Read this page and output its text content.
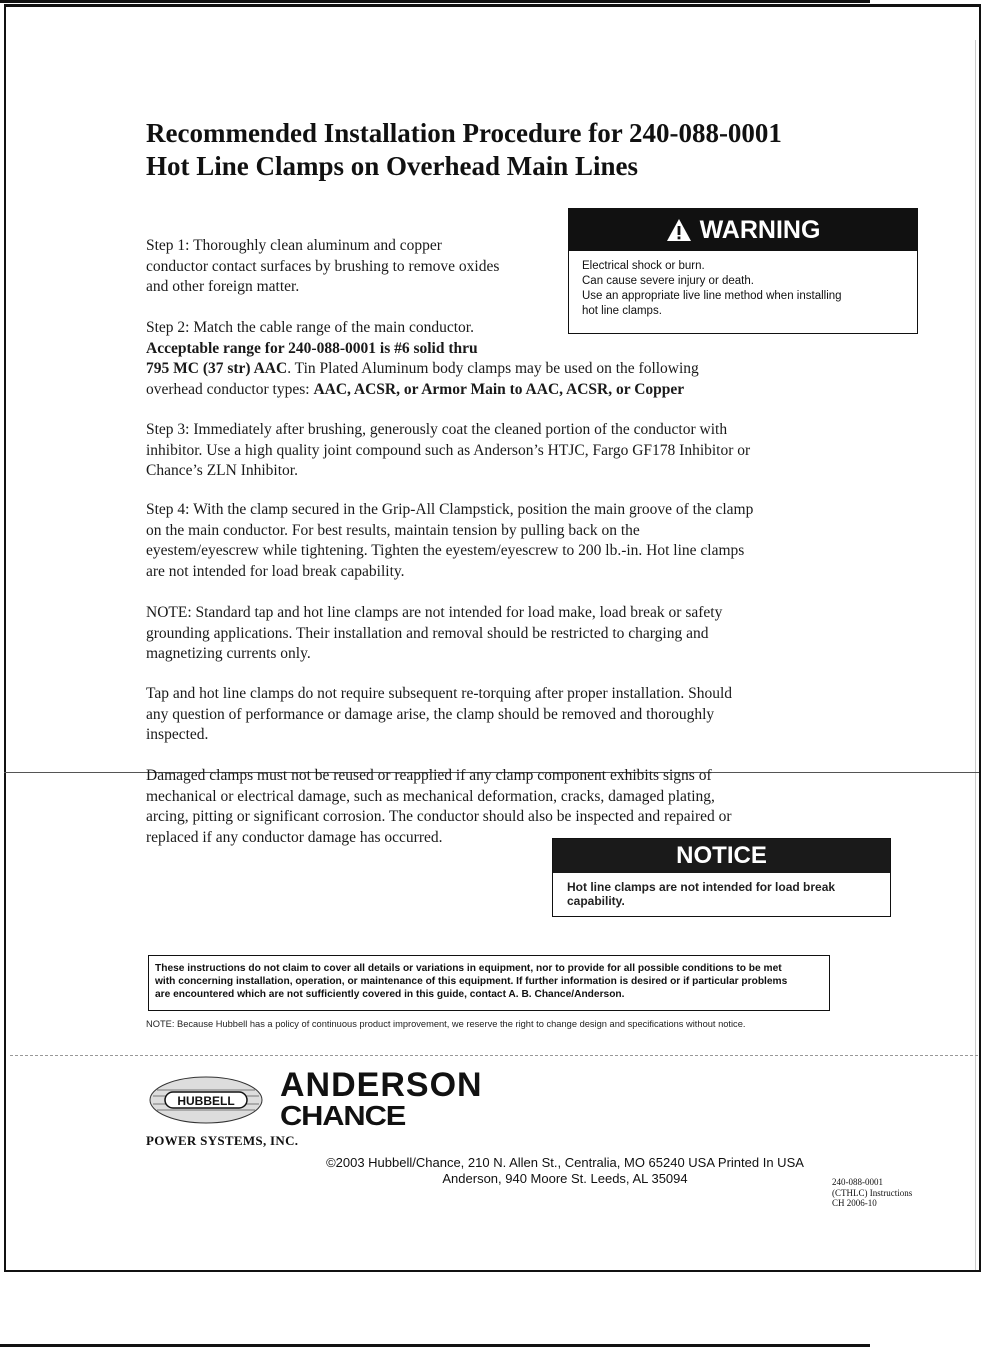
Recommended Installation Procedure for 240-088-0001
Hot Line Clamps on Overhead Main Lines
WARNING
Electrical shock or burn.
Can cause severe injury or death.
Use an appropriate live line method when installing
hot line clamps.
Step 1: Thoroughly clean aluminum and copper
conductor contact surfaces by brushing to remove oxides
and other foreign matter.
Step 2: Match the cable range of the main conductor.
Acceptable range for 240-088-0001 is #6 solid thru
795 MC (37 str) AAC. Tin Plated Aluminum body clamps may be used on the following
overhead conductor types: AAC, ACSR, or Armor Main to AAC, ACSR, or Copper
Step 3: Immediately after brushing, generously coat the cleaned portion of the conductor with
inhibitor. Use a high quality joint compound such as Anderson’s HTJC, Fargo GF178 Inhibitor or
Chance’s ZLN Inhibitor.
Step 4: With the clamp secured in the Grip-All Clampstick, position the main groove of the clamp
on the main conductor. For best results, maintain tension by pulling back on the
eyestem/eyescrew while tightening. Tighten the eyestem/eyescrew to 200 lb.-in. Hot line clamps
are not intended for load break capability.
NOTE: Standard tap and hot line clamps are not intended for load make, load break or safety
grounding applications. Their installation and removal should be restricted to charging and
magnetizing currents only.
Tap and hot line clamps do not require subsequent re-torquing after proper installation. Should
any question of performance or damage arise, the clamp should be removed and thoroughly
inspected.
Damaged clamps must not be reused or reapplied if any clamp component exhibits signs of
mechanical or electrical damage, such as mechanical deformation, cracks, damaged plating,
arcing, pitting or significant corrosion. The conductor should also be inspected and repaired or
replaced if any conductor damage has occurred.
NOTICE
Hot line clamps are not intended for load break
capability.
These instructions do not claim to cover all details or variations in equipment, nor to provide for all possible conditions to be met
with concerning installation, operation, or maintenance of this equipment. If further information is desired or if particular problems
are encountered which are not sufficiently covered in this guide, contact A. B. Chance/Anderson.
NOTE: Because Hubbell has a policy of continuous product improvement, we reserve the right to change design and specifications without notice.
HUBBELL
POWER SYSTEMS, INC.
ANDERSON
CHANCE
©2003 Hubbell/Chance, 210 N. Allen St., Centralia, MO 65240 USA Printed In USA
Anderson, 940 Moore St. Leeds, AL 35094	240-088-0001
(CTHLC) Instructions
CH 2006-10
